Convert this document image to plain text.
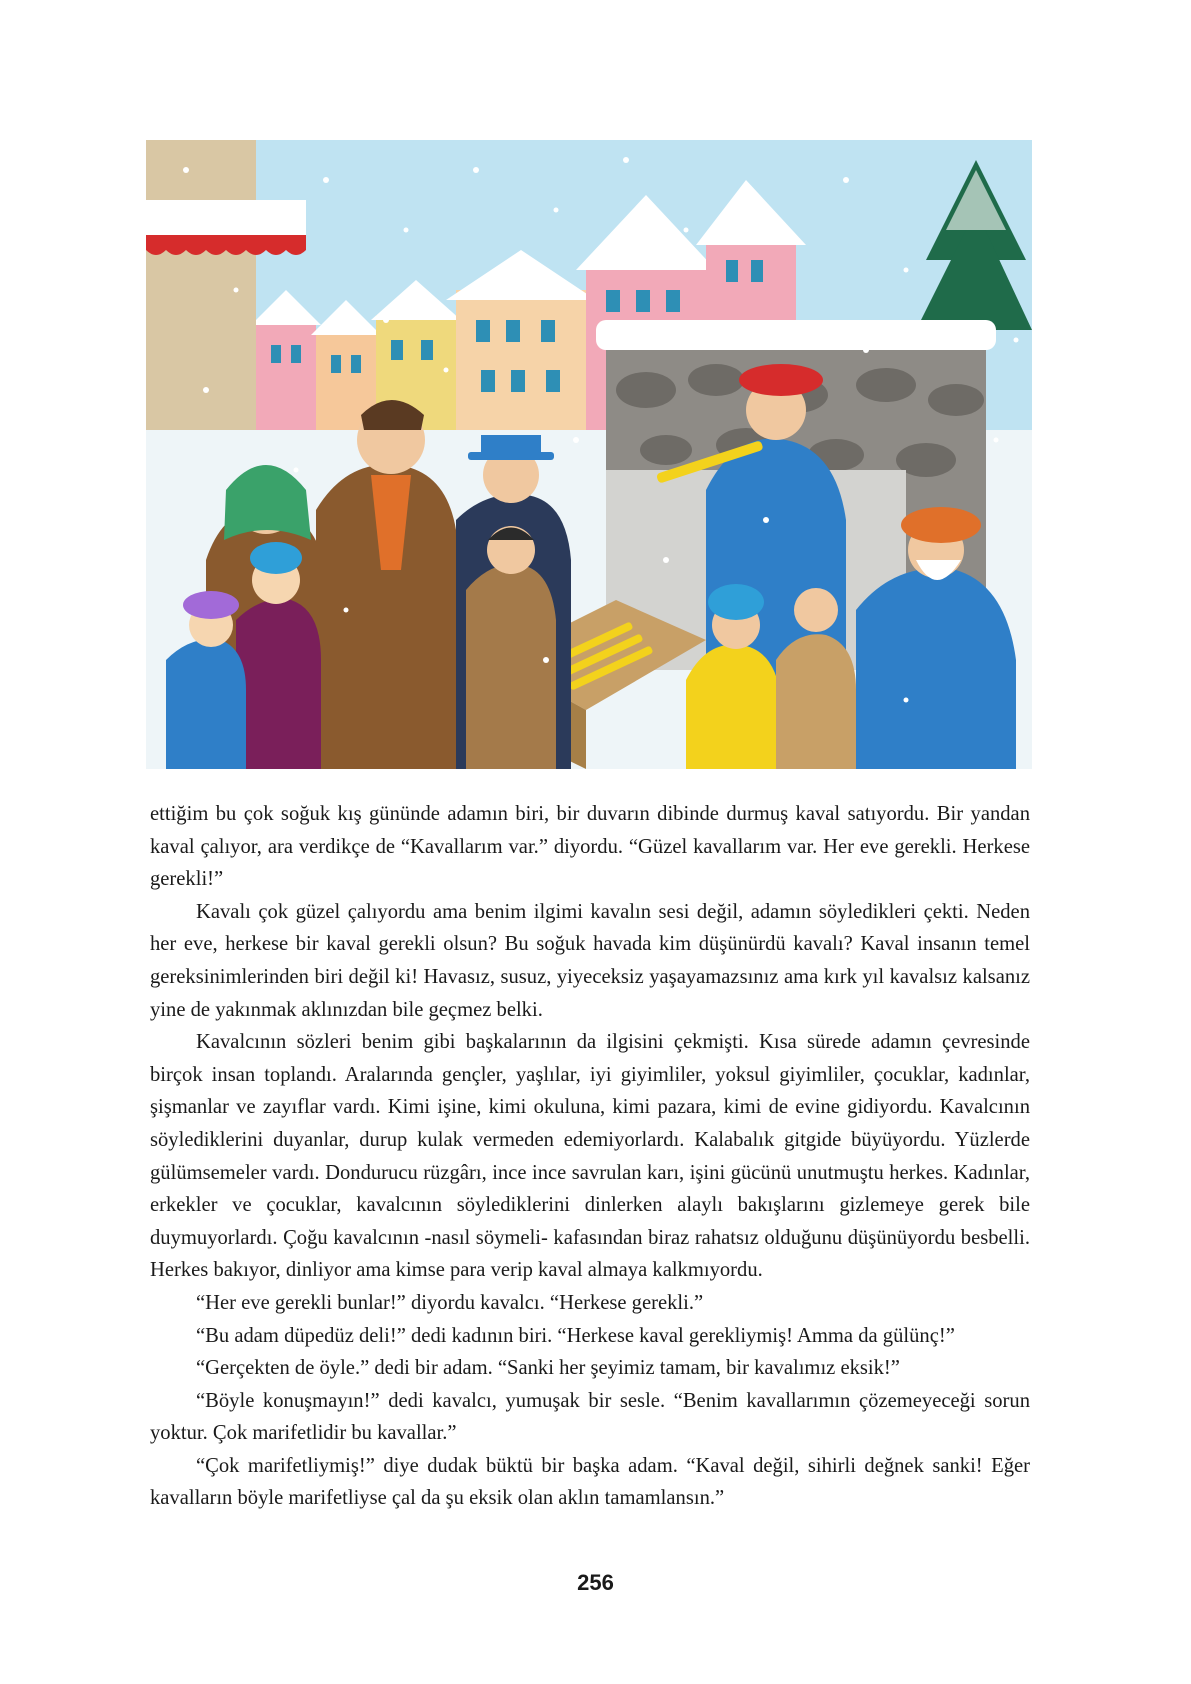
ettiğim bu çok soğuk kış gününde adamın biri, bir duvarın dibinde durmuş kaval satıyordu. Bir yandan kaval çalıyor, ara verdikçe de “Kavallarım var.” diyordu. “Güzel kavallarım var. Her eve gerekli. Herkese gerekli!”

Kavalı çok güzel çalıyordu ama benim ilgimi kavalın sesi değil, adamın söyledikleri çekti. Neden her eve, herkese bir kaval gerekli olsun? Bu soğuk havada kim düşünürdü kavalı? Kaval insanın temel gereksinimlerinden biri değil ki! Havasız, susuz, yiyeceksiz yaşayamazsınız ama kırk yıl kavalsız kalsanız yine de yakınmak aklınızdan bile geçmez belki.

Kavalcının sözleri benim gibi başkalarının da ilgisini çekmişti. Kısa sürede adamın çevresinde birçok insan toplandı. Aralarında gençler, yaşlılar, iyi giyimliler, yoksul giyimliler, çocuklar, kadınlar, şişmanlar ve zayıflar vardı. Kimi işine, kimi okuluna, kimi pazara, kimi de evine gidiyordu. Kavalcının söylediklerini duyanlar, durup kulak vermeden edemiyorlardı. Kalabalık gitgide büyüyordu. Yüzlerde gülümsemeler vardı. Dondurucu rüzgârı, ince ince savrulan karı, işini gücünü unutmuştu herkes. Kadınlar, erkekler ve çocuklar, kavalcının söylediklerini dinlerken alaylı bakışlarını gizlemeye gerek bile duymuyorlardı. Çoğu kavalcının -nasıl söymeli- kafasından biraz rahatsız olduğunu düşünüyordu besbelli. Herkes bakıyor, dinliyor ama kimse para verip kaval almaya kalkmıyordu.

“Her eve gerekli bunlar!” diyordu kavalcı. “Herkese gerekli.”

“Bu adam düpedüz deli!” dedi kadının biri. “Herkese kaval gerekliymiş! Amma da gülünç!”

“Gerçekten de öyle.” dedi bir adam. “Sanki her şeyimiz tamam, bir kavalımız eksik!”

“Böyle konuşmayın!” dedi kavalcı, yumuşak bir sesle. “Benim kavallarımın çözemeyeceği sorun yoktur. Çok marifetlidir bu kavallar.”

“Çok marifetliymiş!” diye dudak büktü bir başka adam. “Kaval değil, sihirli değnek sanki! Eğer kavalların böyle marifetliyse çal da şu eksik olan aklın tamamlansın.”

256
